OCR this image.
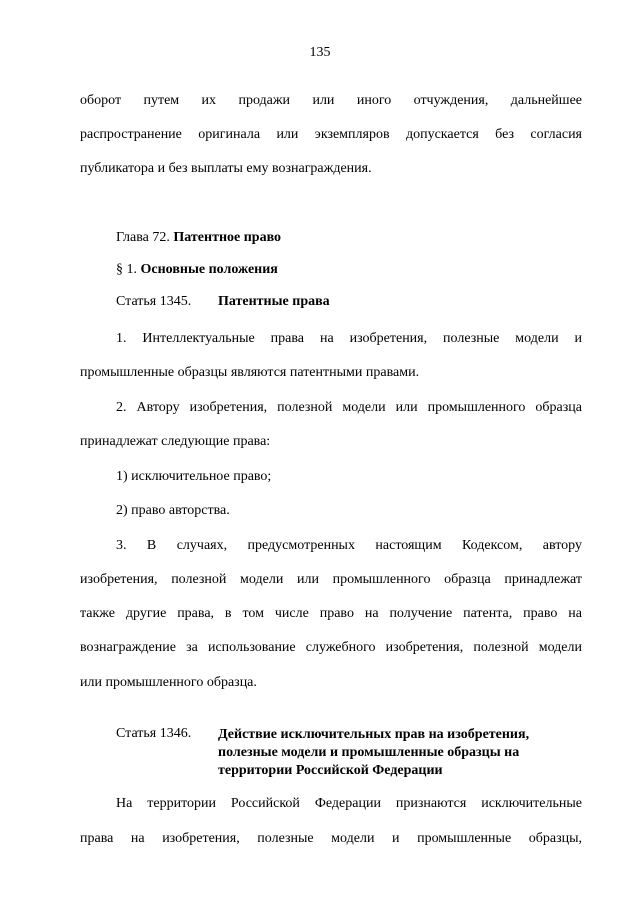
135
оборот путем их продажи или иного отчуждения, дальнейшее
распространение оригинала или экземпляров допускается без согласия
публикатора и без выплаты ему вознаграждения.
Глава 72. Патентное право
§ 1. Основные положения
Статья 1345. Патентные права
1. Интеллектуальные права на изобретения, полезные модели и
промышленные образцы являются патентными правами.
2. Автору изобретения, полезной модели или промышленного образца
принадлежат следующие права:
1) исключительное право;
2) право авторства.
3. В случаях, предусмотренных настоящим Кодексом, автору
изобретения, полезной модели или промышленного образца принадлежат
также другие права, в том числе право на получение патента, право на
вознаграждение за использование служебного изобретения, полезной модели
или промышленного образца.
Статья 1346. Действие исключительных прав на изобретения,
полезные модели и промышленные образцы на
территории Российской Федерации
На территории Российской Федерации признаются исключительные
права на изобретения, полезные модели и промышленные образцы,
